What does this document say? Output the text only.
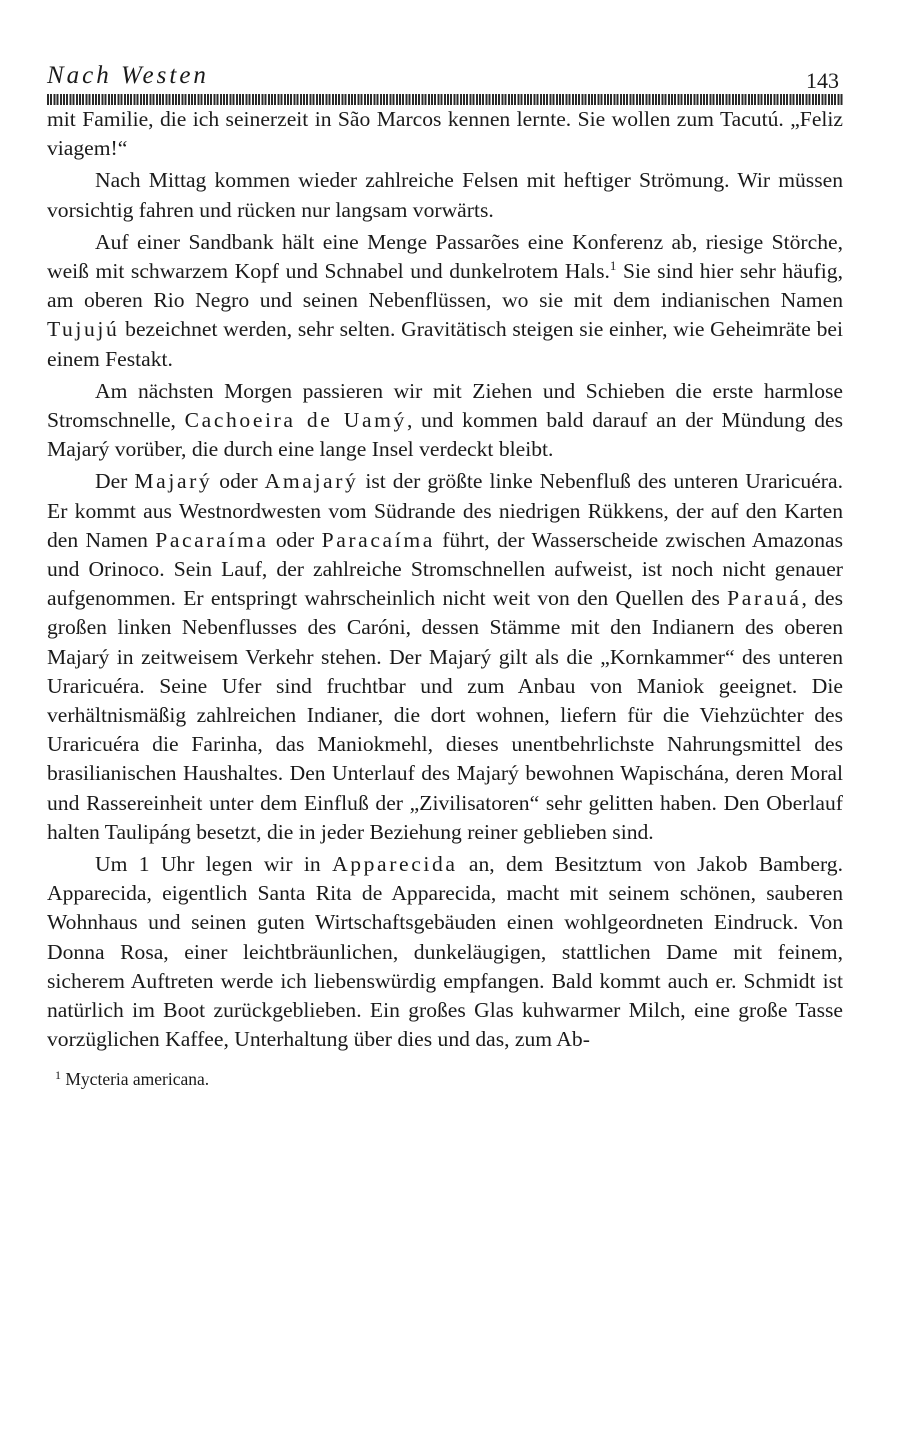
Nach Westen	143

mit Familie, die ich seinerzeit in São Marcos kennen lernte. Sie wollen zum Tacutú. „Feliz viagem!“

Nach Mittag kommen wieder zahlreiche Felsen mit heftiger Strömung. Wir müssen vorsichtig fahren und rücken nur langsam vorwärts.

Auf einer Sandbank hält eine Menge Passarões eine Konferenz ab, riesige Störche, weiß mit schwarzem Kopf und Schnabel und dunkelrotem Hals.$^1$ Sie sind hier sehr häufig, am oberen Rio Negro und seinen Nebenflüssen, wo sie mit dem indianischen Namen Tujujú bezeichnet werden, sehr selten. Gravitätisch steigen sie einher, wie Geheimräte bei einem Festakt.

Am nächsten Morgen passieren wir mit Ziehen und Schieben die erste harmlose Stromschnelle, Cachoeira de Uamý, und kommen bald darauf an der Mündung des Majarý vorüber, die durch eine lange Insel verdeckt bleibt.

Der Majarý oder Amajarý ist der größte linke Nebenfluß des unteren Uraricuéra. Er kommt aus Westnordwesten vom Südrande des niedrigen Rükkens, der auf den Karten den Namen Pacaraíma oder Paracaíma führt, der Wasserscheide zwischen Amazonas und Orinoco. Sein Lauf, der zahlreiche Stromschnellen aufweist, ist noch nicht genauer aufgenommen. Er entspringt wahrscheinlich nicht weit von den Quellen des Parauá, des großen linken Nebenflusses des Caróni, dessen Stämme mit den Indianern des oberen Majarý in zeitweisem Verkehr stehen. Der Majarý gilt als die „Kornkammer“ des unteren Uraricuéra. Seine Ufer sind fruchtbar und zum Anbau von Maniok geeignet. Die verhältnismäßig zahlreichen Indianer, die dort wohnen, liefern für die Viehzüchter des Uraricuéra die Farinha, das Maniokmehl, dieses unentbehrlichste Nahrungsmittel des brasilianischen Haushaltes. Den Unterlauf des Majarý bewohnen Wapischána, deren Moral und Rassereinheit unter dem Einfluß der „Zivilisatoren“ sehr gelitten haben. Den Oberlauf halten Taulipáng besetzt, die in jeder Beziehung reiner geblieben sind.

Um 1 Uhr legen wir in Apparecida an, dem Besitztum von Jakob Bamberg. Apparecida, eigentlich Santa Rita de Apparecida, macht mit seinem schönen, sauberen Wohnhaus und seinen guten Wirtschaftsgebäuden einen wohlgeordneten Eindruck. Von Donna Rosa, einer leichtbräunlichen, dunkeläugigen, stattlichen Dame mit feinem, sicherem Auftreten werde ich liebenswürdig empfangen. Bald kommt auch er. Schmidt ist natürlich im Boot zurückgeblieben. Ein großes Glas kuhwarmer Milch, eine große Tasse vorzüglichen Kaffee, Unterhaltung über dies und das, zum Ab-

$^1$ Mycteria americana.
